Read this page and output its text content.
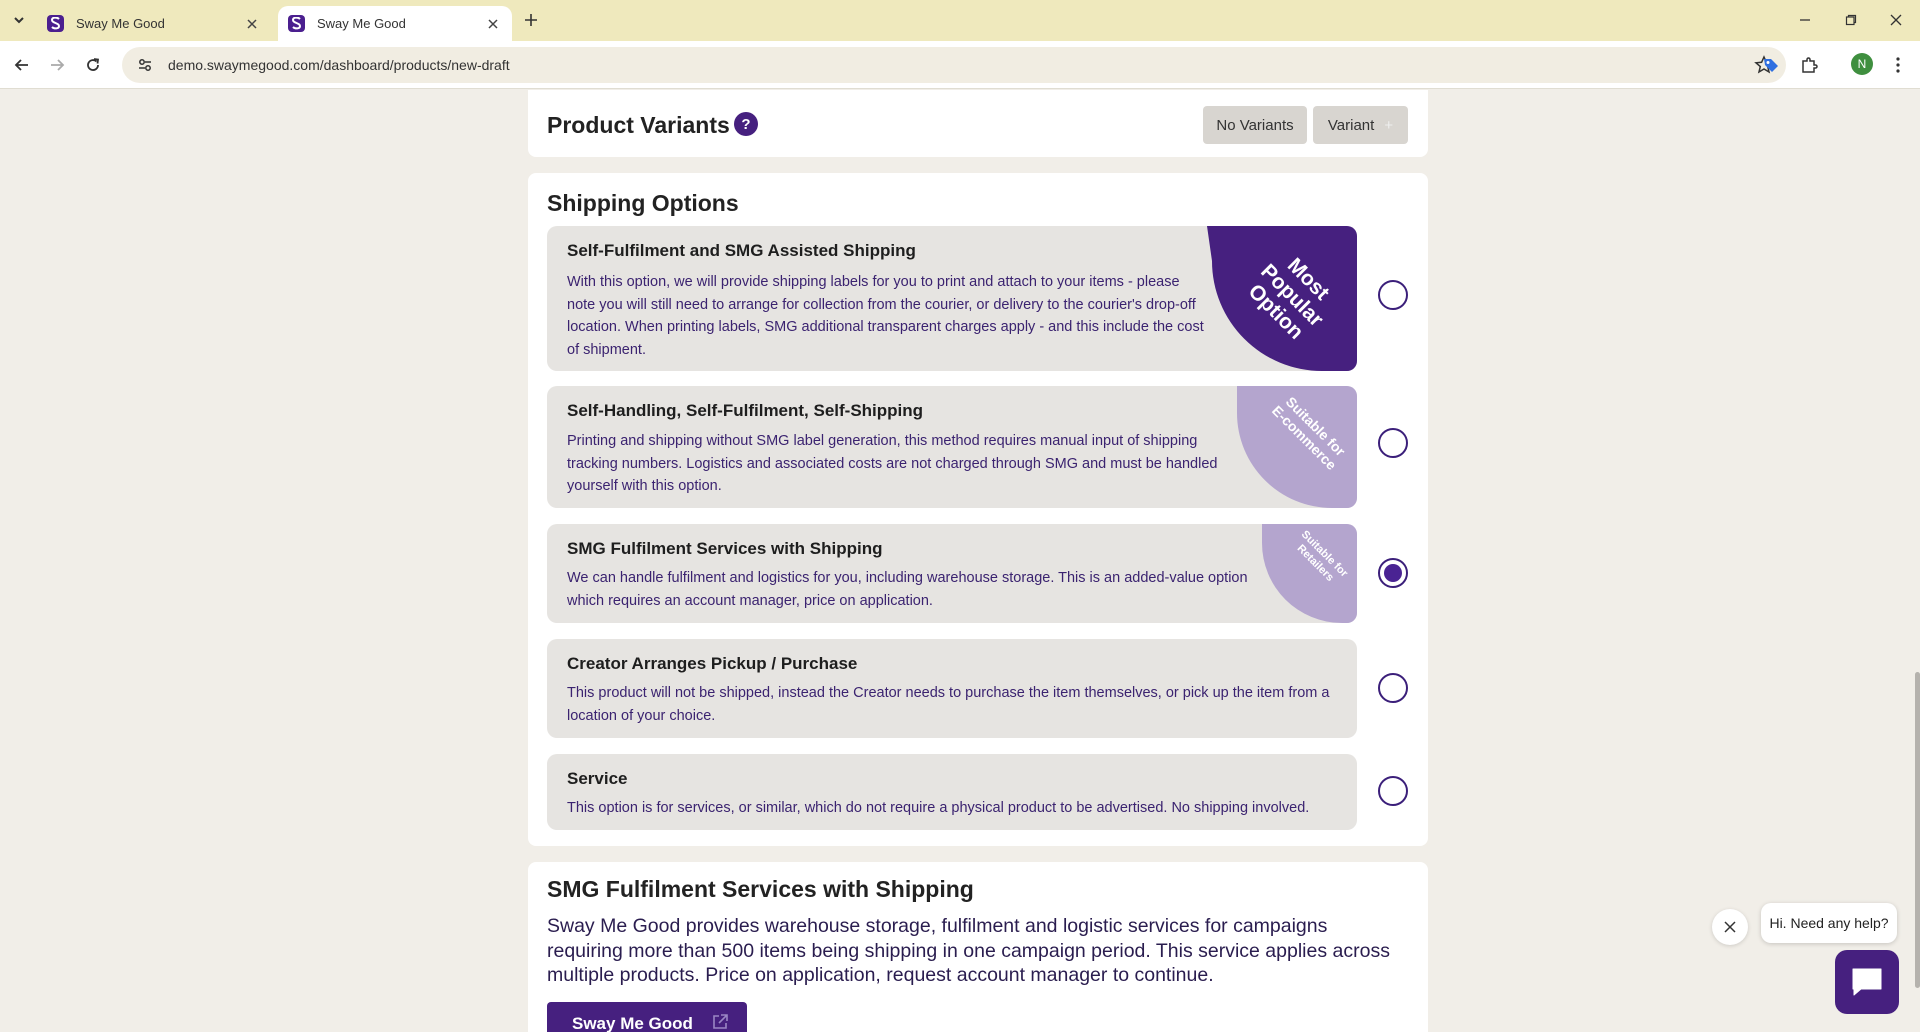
Sway Me Good	Sway Me Good
demo.swaymegood.com/dashboard/products/new-draft	N
Product Variants ?	No Variants	Variant +
Shipping Options
Self-Fulfilment and SMG Assisted Shipping
With this option, we will provide shipping labels for you to print and attach to your items - please note you will still need to arrange for collection from the courier, or delivery to the courier's drop-off location. When printing labels, SMG additional transparent charges apply - and this include the cost of shipment.
Most Popular
Option
Self-Handling, Self-Fulfilment, Self-Shipping
Printing and shipping without SMG label generation, this method requires manual input of shipping tracking numbers. Logistics and associated costs are not charged through SMG and must be handled yourself with this option.
Suitable for
E-commerce
SMG Fulfilment Services with Shipping
We can handle fulfilment and logistics for you, including warehouse storage. This is an added-value option which requires an account manager, price on application.
Suitable for
Retailers
Creator Arranges Pickup / Purchase
This product will not be shipped, instead the Creator needs to purchase the item themselves, or pick up the item from a location of your choice.
Service
This option is for services, or similar, which do not require a physical product to be advertised. No shipping involved.
SMG Fulfilment Services with Shipping
Sway Me Good provides warehouse storage, fulfilment and logistic services for campaigns requiring more than 500 items being shipping in one campaign period. This service applies across multiple products. Price on application, request account manager to continue.
Sway Me Good
Hi. Need any help?
